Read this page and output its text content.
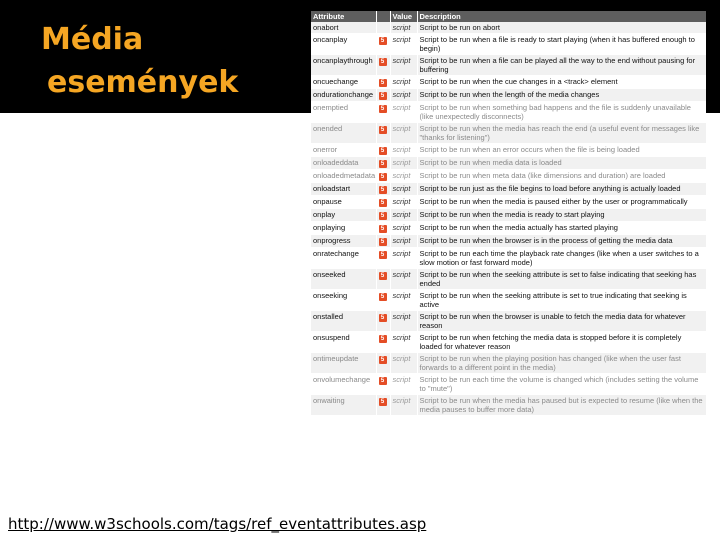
Média
események
Attribute		Value	Description
onabort		script	Script to be run on abort
oncanplay	5	script	Script to be run when a file is ready to start playing (when it has buffered enough to begin)
oncanplaythrough	5	script	Script to be run when a file can be played all the way to the end without pausing for buffering
oncuechange	5	script	Script to be run when the cue changes in a <track> element
ondurationchange	5	script	Script to be run when the length of the media changes
onemptied	5	script	Script to be run when something bad happens and the file is suddenly unavailable (like unexpectedly disconnects)
onended	5	script	Script to be run when the media has reach the end (a useful event for messages like "thanks for listening")
onerror	5	script	Script to be run when an error occurs when the file is being loaded
onloadeddata	5	script	Script to be run when media data is loaded
onloadedmetadata	5	script	Script to be run when meta data (like dimensions and duration) are loaded
onloadstart	5	script	Script to be run just as the file begins to load before anything is actually loaded
onpause	5	script	Script to be run when the media is paused either by the user or programmatically
onplay	5	script	Script to be run when the media is ready to start playing
onplaying	5	script	Script to be run when the media actually has started playing
onprogress	5	script	Script to be run when the browser is in the process of getting the media data
onratechange	5	script	Script to be run each time the playback rate changes (like when a user switches to a slow motion or fast forward mode)
onseeked	5	script	Script to be run when the seeking attribute is set to false indicating that seeking has ended
onseeking	5	script	Script to be run when the seeking attribute is set to true indicating that seeking is active
onstalled	5	script	Script to be run when the browser is unable to fetch the media data for whatever reason
onsuspend	5	script	Script to be run when fetching the media data is stopped before it is completely loaded for whatever reason
ontimeupdate	5	script	Script to be run when the playing position has changed (like when the user fast forwards to a different point in the media)
onvolumechange	5	script	Script to be run each time the volume is changed which (includes setting the volume to "mute")
onwaiting	5	script	Script to be run when the media has paused but is expected to resume (like when the media pauses to buffer more data)
http://www.w3schools.com/tags/ref_eventattributes.asp
